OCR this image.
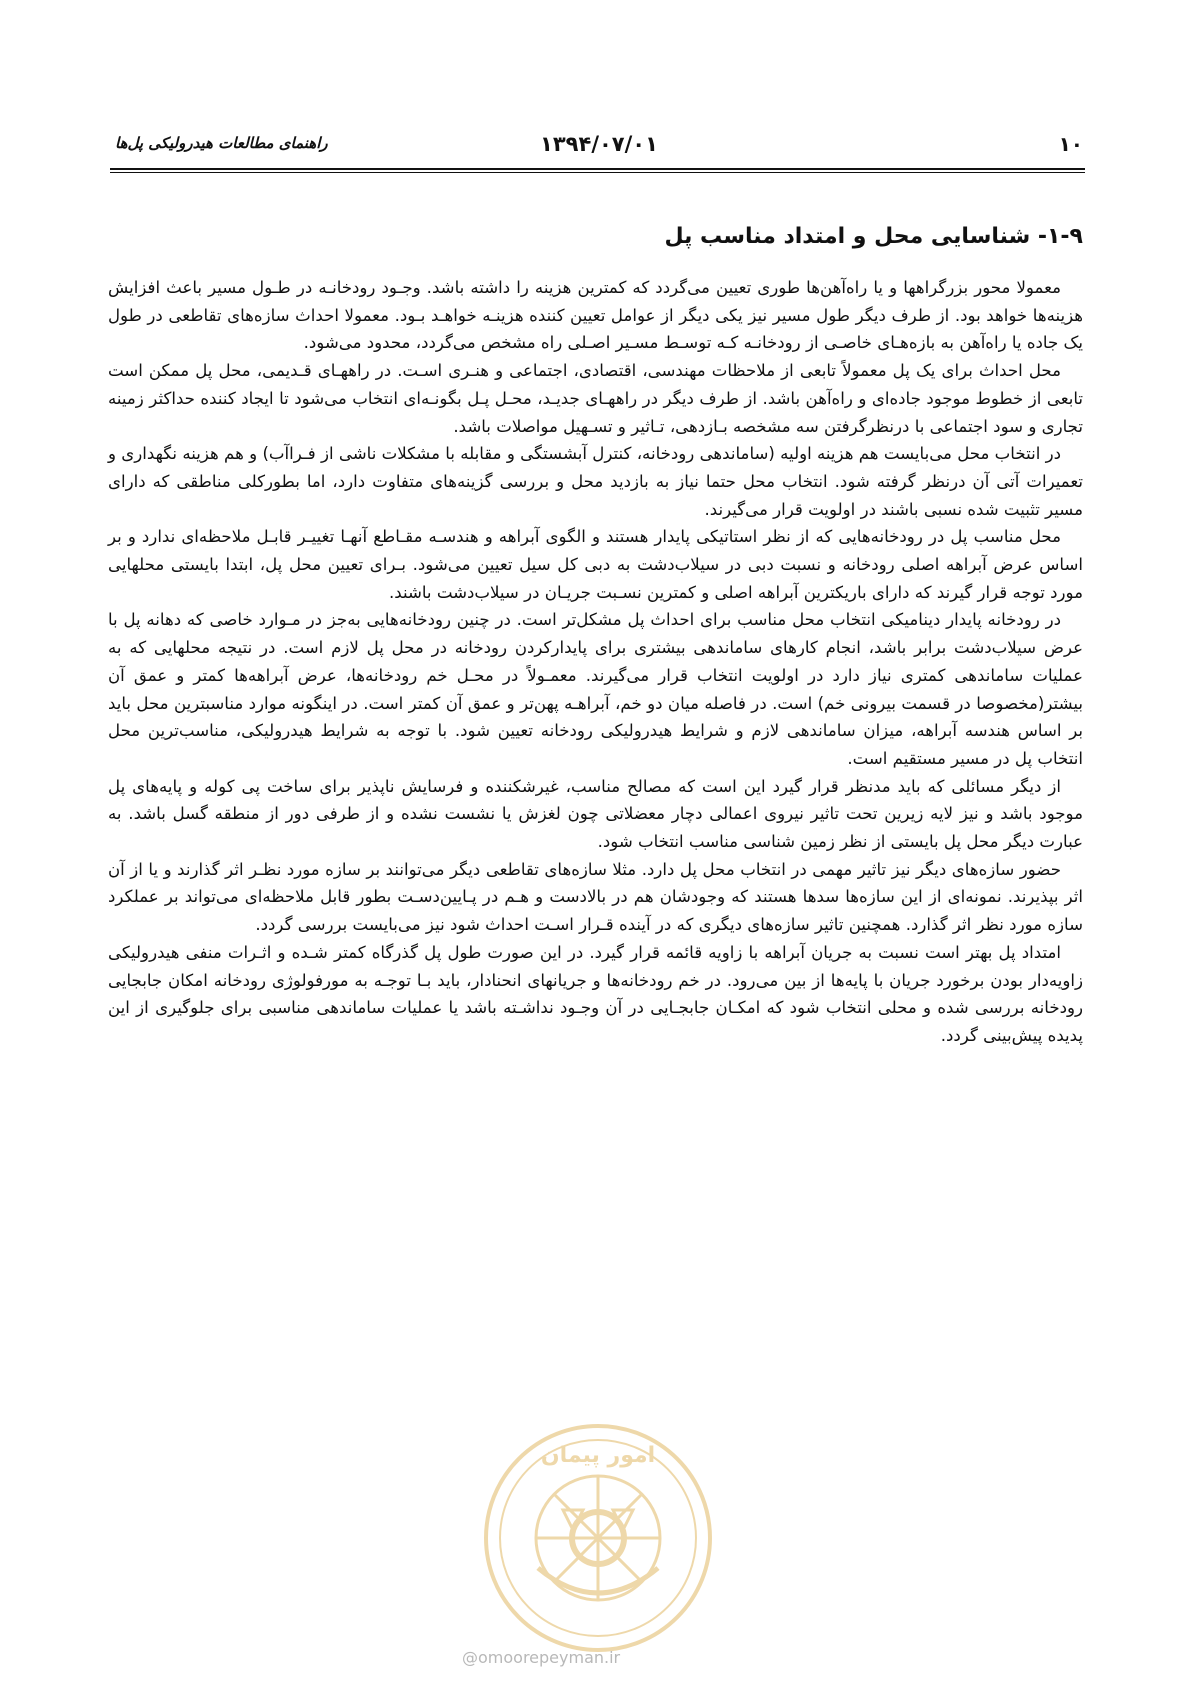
۱۰
۱۳۹۴/۰۷/۰۱
راهنمای مطالعات هیدرولیکی پل‌ها
۱-۹- شناسایی محل و امتداد مناسب پل

معمولا محور بزرگراهها و یا راه‌آهن‌ها طوری تعیین می‌گردد که کمترین هزینه را داشته باشد. وجـود رودخانـه در طـول مسیر باعث افزایش هزینه‌ها خواهد بود. از طرف دیگر طول مسیر نیز یکی دیگر از عوامل تعیین کننده هزینـه خواهـد بـود. معمولا احداث سازه‌های تقاطعی در طول یک جاده یا راه‌آهن به بازه‌هـای خاصـی از رودخانـه کـه توسـط مسـیر اصـلی راه مشخص می‌گردد، محدود می‌شود.

محل احداث برای یک پل معمولاً تابعی از ملاحظات مهندسی، اقتصادی، اجتماعی و هنـری اسـت. در راههـای قـدیمی، محل پل ممکن است تابعی از خطوط موجود جاده‌ای و راه‌آهن باشد. از طرف دیگر در راههـای جدیـد، محـل پـل بگونـه‌ای انتخاب می‌شود تا ایجاد کننده حداکثر زمینه تجاری و سود اجتماعی با درنظرگرفتن سه مشخصه بـازدهی، تـاثیر و تسـهیل مواصلات باشد.

در انتخاب محل می‌بایست هم هزینه اولیه (ساماندهی رودخانه، کنترل آبشستگی و مقابله با مشکلات ناشی از فـراآب) و هم هزینه نگهداری و تعمیرات آتی آن درنظر گرفته شود. انتخاب محل حتما نیاز به بازدید محل و بررسی گزینه‌های متفاوت دارد، اما بطورکلی مناطقی که دارای مسیر تثبیت شده نسبی باشند در اولویت قرار می‌گیرند.

محل مناسب پل در رودخانه‌هایی که از نظر استاتیکی پایدار هستند و الگوی آبراهه و هندسـه مقـاطع آنهـا تغییـر قابـل ملاحظه‌ای ندارد و بر اساس عرض آبراهه اصلی رودخانه و نسبت دبی در سیلاب‌دشت به دبی کل سیل تعیین می‌شود. بـرای تعیین محل پل، ابتدا بایستی محلهایی مورد توجه قرار گیرند که دارای باریکترین آبراهه اصلی و کمترین نسـبت جریـان در سیلاب‌دشت باشند.

در رودخانه پایدار دینامیکی انتخاب محل مناسب برای احداث پل مشکل‌تر است. در چنین رودخانه‌هایی به‌جز در مـوارد خاصی که دهانه پل با عرض سیلاب‌دشت برابر باشد، انجام کارهای ساماندهی بیشتری برای پایدارکردن رودخانه در محل پل لازم است. در نتیجه محلهایی که به عملیات ساماندهی کمتری نیاز دارد در اولویت انتخاب قرار می‌گیرند. معمـولاً در محـل خم رودخانه‌ها، عرض آبراهه‌ها کمتر و عمق آن بیشتر(مخصوصا در قسمت بیرونی خم) است. در فاصله میان دو خم، آبراهـه پهن‌تر و عمق آن کمتر است. در اینگونه موارد مناسبترین محل باید بر اساس هندسه آبراهه، میزان ساماندهی لازم و شرایط هیدرولیکی رودخانه تعیین شود. با توجه به شرایط هیدرولیکی، مناسب‌ترین محل انتخاب پل در مسیر مستقیم است.

از دیگر مسائلی که باید مدنظر قرار گیرد این است که مصالح مناسب، غیرشکننده و فرسایش ناپذیر برای ساخت پی کوله و پایه‌های پل موجود باشد و نیز لایه زیرین تحت تاثیر نیروی اعمالی دچار معضلاتی چون لغزش یا نشست نشده و از طرفی دور از منطقه گسل باشد. به عبارت دیگر محل پل بایستی از نظر زمین شناسی مناسب انتخاب شود.

حضور سازه‌های دیگر نیز تاثیر مهمی در انتخاب محل پل دارد. مثلا سازه‌های تقاطعی دیگر می‌توانند بر سازه مورد نظـر اثر گذارند و یا از آن اثر بپذیرند. نمونه‌ای از این سازه‌ها سدها هستند که وجودشان هم در بالادست و هـم در پـایین‌دسـت بطور قابل ملاحظه‌ای می‌تواند بر عملکرد سازه مورد نظر اثر گذارد. همچنین تاثیر سازه‌های دیگری که در آینده قـرار اسـت احداث شود نیز می‌بایست بررسی گردد.

امتداد پل بهتر است نسبت به جریان آبراهه با زاویه قائمه قرار گیرد. در این صورت طول پل گذرگاه کمتر شـده و اثـرات منفی هیدرولیکی زاویه‌دار بودن برخورد جریان با پایه‌ها از بین می‌رود. در خم رودخانه‌ها و جریانهای انحنادار، باید بـا توجـه به مورفولوژی رودخانه امکان جابجایی رودخانه بررسی شده و محلی انتخاب شود که امکـان جابجـایی در آن وجـود نداشـته باشد یا عملیات ساماندهی مناسبی برای جلوگیری از این پدیده پیش‌بینی گردد.

امور پیمان
@omoorepeyman.ir
